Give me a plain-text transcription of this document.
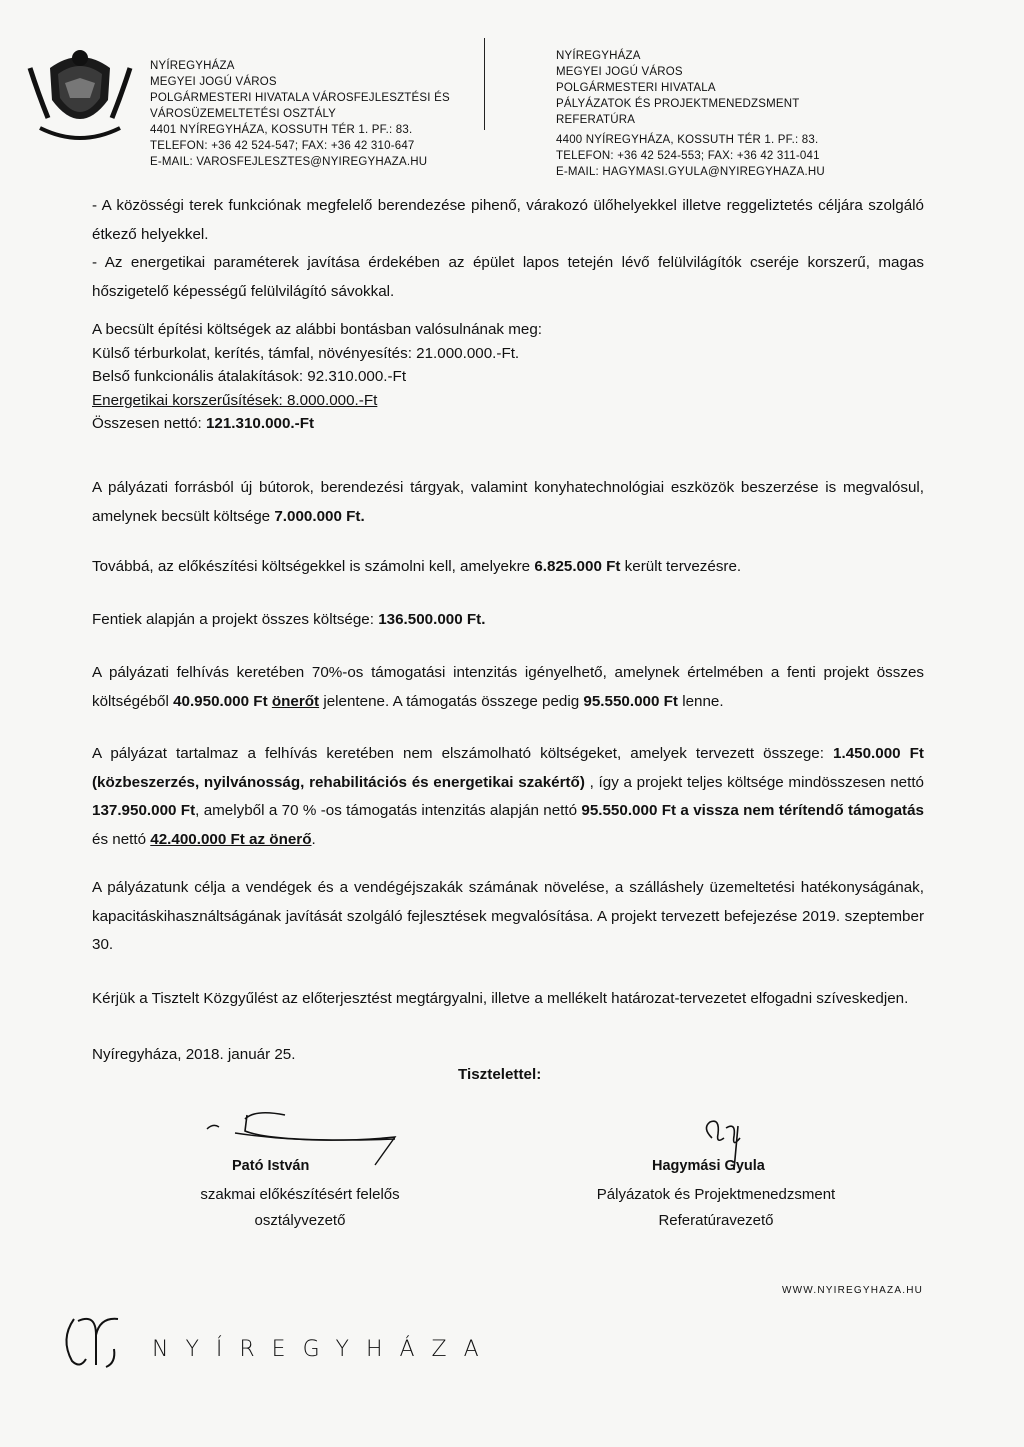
NYÍREGYHÁZA
MEGYEI JOGÚ VÁROS
POLGÁRMESTERI HIVATALA VÁROSFEJLESZTÉSI ÉS
VÁROSÜZEMELTETÉSI OSZTÁLY
4401 NYÍREGYHÁZA, KOSSUTH TÉR 1. PF.: 83.
TELEFON: +36 42 524-547; FAX: +36 42 310-647
E-MAIL: VAROSFEJLESZTES@NYIREGYHAZA.HU
NYÍREGYHÁZA
MEGYEI JOGÚ VÁROS
POLGÁRMESTERI HIVATALA
PÁLYÁZATOK ÉS PROJEKTMENEDZSMENT
REFERATÚRA
4400 NYÍREGYHÁZA, KOSSUTH TÉR 1. PF.: 83.
TELEFON: +36 42 524-553; FAX: +36 42 311-041
E-MAIL: HAGYMASI.GYULA@NYIREGYHAZA.HU

- A közösségi terek funkciónak megfelelő berendezése pihenő, várakozó ülőhelyekkel illetve reggeliztetés céljára szolgáló étkező helyekkel.

- Az energetikai paraméterek javítása érdekében az épület lapos tetején lévő felülvilágítók cseréje korszerű, magas hőszigetelő képességű felülvilágító sávokkal.

A becsült építési költségek az alábbi bontásban valósulnának meg:
Külső térburkolat, kerítés, támfal, növényesítés: 21.000.000.-Ft.
Belső funkcionális átalakítások: 92.310.000.-Ft
Energetikai korszerűsítések: 8.000.000.-Ft
Összesen nettó: 121.310.000.-Ft
A pályázati forrásból új bútorok, berendezési tárgyak, valamint konyhatechnológiai eszközök beszerzése is megvalósul, amelynek becsült költsége 7.000.000 Ft.
Továbbá, az előkészítési költségekkel is számolni kell, amelyekre 6.825.000 Ft került tervezésre.
Fentiek alapján a projekt összes költsége: 136.500.000 Ft.
A pályázati felhívás keretében 70%-os támogatási intenzitás igényelhető, amelynek értelmében a fenti projekt összes költségéből 40.950.000 Ft önerőt jelentene. A támogatás összege pedig 95.550.000 Ft lenne.
A pályázat tartalmaz a felhívás keretében nem elszámolható költségeket, amelyek tervezett összege: 1.450.000 Ft (közbeszerzés, nyilvánosság, rehabilitációs és energetikai szakértő) , így a projekt teljes költsége mindösszesen nettó 137.950.000 Ft, amelyből a 70 % -os támogatás intenzitás alapján nettó 95.550.000 Ft a vissza nem térítendő támogatás és nettó 42.400.000 Ft az önerő.
A pályázatunk célja a vendégek és a vendégéjszakák számának növelése, a szálláshely üzemeltetési hatékonyságának, kapacitáskihasználtságának javítását szolgáló fejlesztések megvalósítása. A projekt tervezett befejezése 2019. szeptember 30.
Kérjük a Tisztelt Közgyűlést az előterjesztést megtárgyalni, illetve a mellékelt határozat-tervezetet elfogadni szíveskedjen.
Nyíregyháza, 2018. január 25.
Tisztelettel:
Pató István
szakmai előkészítésért felelős
osztályvezető
Hagymási Gyula
Pályázatok és Projektmenedzsment
Referatúravezető
WWW.NYIREGYHAZA.HU
NYÍREGYHÁZA
